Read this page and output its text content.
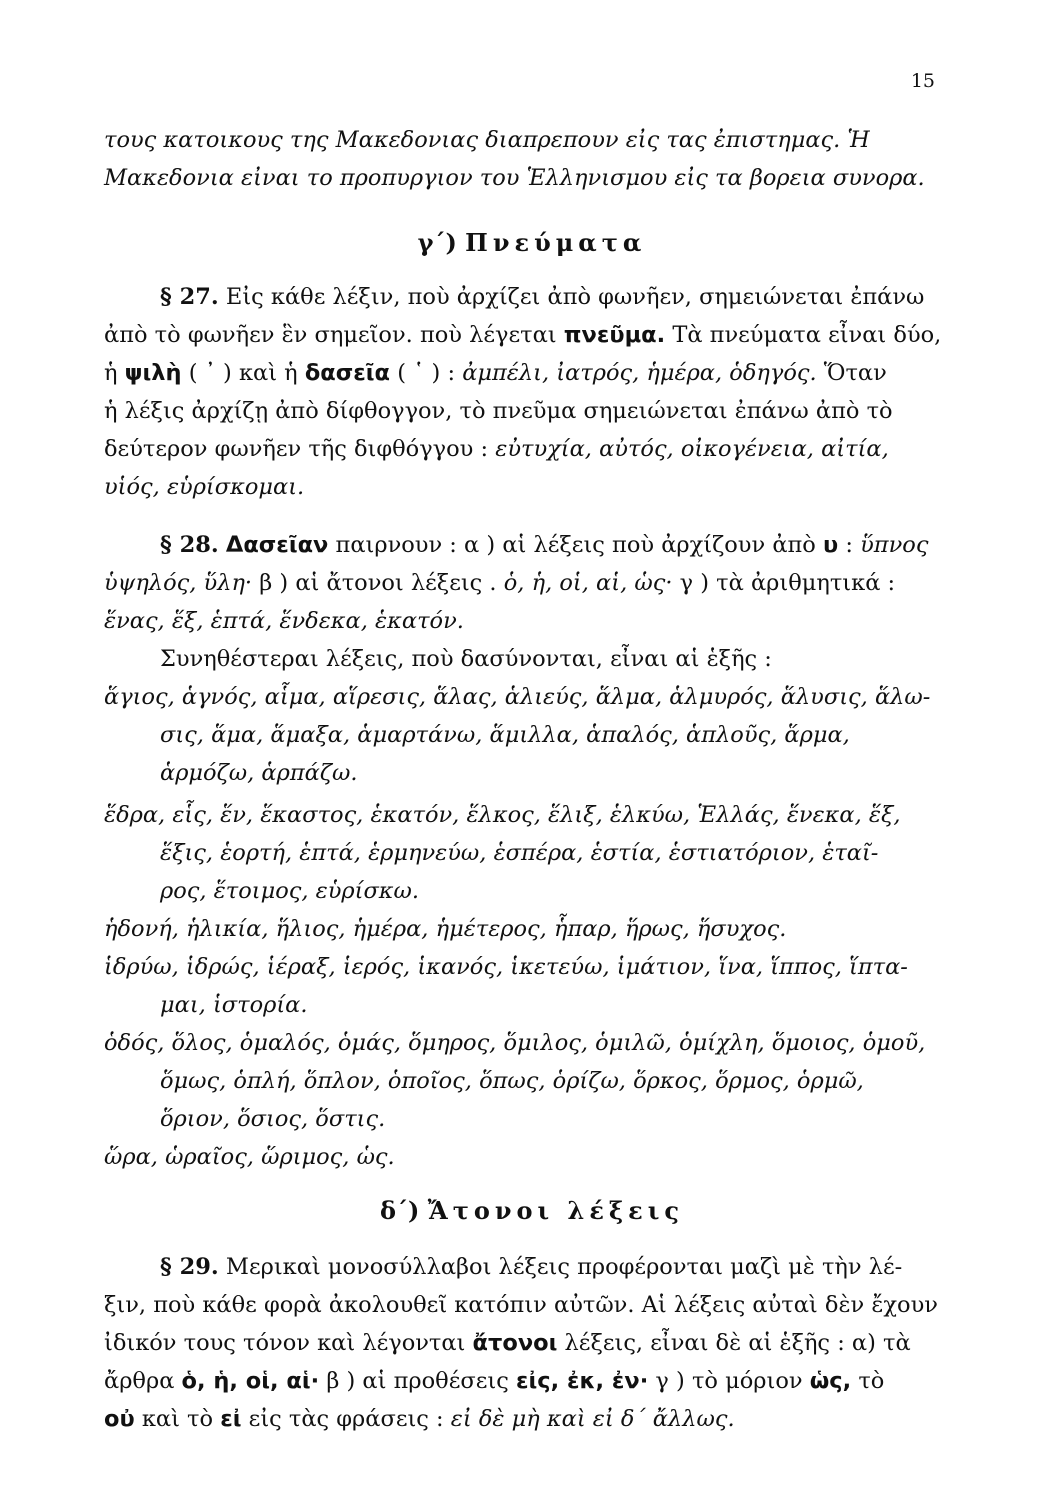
15
τους κατοικους της Μακεδονιας διαπρεπουν εἰς τας ἐπιστημας. Ἡ
Μακεδονια εἰναι το προπυργιον του Ἑλληνισμου εἰς τα βορεια συνορα.
γ΄) Πνεύματα
§ 27. Εἰς κάθε λέξιν, ποὺ ἀρχίζει ἀπὸ φωνῆεν, σημειώνεται ἐπάνω
ἀπὸ τὸ φωνῆεν ἓν σημεῖον. ποὺ λέγεται πνεῦμα. Τὰ πνεύματα εἶναι δύο,
ἡ ψιλὴ ( ᾿ ) καὶ ἡ δασεῖα ( ῾ ) : ἀμπέλι, ἰατρός, ἡμέρα, ὁδηγός. Ὅταν
ἡ λέξις ἀρχίζῃ ἀπὸ δίφθογγον, τὸ πνεῦμα σημειώνεται ἐπάνω ἀπὸ τὸ
δεύτερον φωνῆεν τῆς διφθόγγου : εὐτυχία, αὐτός, οἰκογένεια, αἰτία,
υἱός, εὑρίσκομαι.
§ 28. Δασεῖαν παιρνουν : α ) αἱ λέξεις ποὺ ἀρχίζουν ἀπὸ υ : ὕπνος
ὑψηλός, ὕλη· β ) αἱ ἄτονοι λέξεις . ὁ, ἡ, οἱ, αἱ, ὡς· γ ) τὰ ἀριθμητικά :
ἕνας, ἕξ, ἑπτά, ἕνδεκα, ἑκατόν.
Συνηθέστεραι λέξεις, ποὺ δασύνονται, εἶναι αἱ ἑξῆς :
ἅγιος, ἁγνός, αἷμα, αἵρεσις, ἅλας, ἁλιεύς, ἅλμα, ἁλμυρός, ἅλυσις, ἅλω-
σις, ἅμα, ἅμαξα, ἁμαρτάνω, ἅμιλλα, ἁπαλός, ἁπλοῦς, ἅρμα,
ἁρμόζω, ἁρπάζω.
ἕδρα, εἷς, ἕν, ἕκαστος, ἑκατόν, ἕλκος, ἕλιξ, ἑλκύω, Ἑλλάς, ἕνεκα, ἕξ,
ἕξις, ἑορτή, ἑπτά, ἑρμηνεύω, ἑσπέρα, ἑστία, ἑστιατόριον, ἑταῖ-
ρος, ἕτοιμος, εὑρίσκω.
ἡδονή, ἡλικία, ἥλιος, ἡμέρα, ἡμέτερος, ἧπαρ, ἥρως, ἥσυχος.
ἱδρύω, ἱδρώς, ἱέραξ, ἱερός, ἱκανός, ἱκετεύω, ἱμάτιον, ἵνα, ἵππος, ἵπτα-
μαι, ἱστορία.
ὁδός, ὅλος, ὁμαλός, ὁμάς, ὅμηρος, ὅμιλος, ὁμιλῶ, ὁμίχλη, ὅμοιος, ὁμοῦ,
ὅμως, ὁπλή, ὅπλον, ὁποῖος, ὅπως, ὁρίζω, ὅρκος, ὅρμος, ὁρμῶ,
ὅριον, ὅσιος, ὅστις.
ὥρα, ὡραῖος, ὥριμος, ὡς.
δ΄) Ἄτονοι λέξεις
§ 29. Μερικαὶ μονοσύλλαβοι λέξεις προφέρονται μαζὶ μὲ τὴν λέ-
ξιν, ποὺ κάθε φορὰ ἀκολουθεῖ κατόπιν αὐτῶν. Αἱ λέξεις αὐταὶ δὲν ἔχουν
ἰδικόν τους τόνον καὶ λέγονται ἄτονοι λέξεις, εἶναι δὲ αἱ ἑξῆς : α) τὰ
ἄρθρα ὁ, ἡ, οἱ, αἱ· β ) αἱ προθέσεις εἰς, ἐκ, ἐν· γ ) τὸ μόριον ὡς, τὸ
οὐ καὶ τὸ εἰ εἰς τὰς φράσεις : εἰ δὲ μὴ καὶ εἰ δ΄ ἄλλως.
